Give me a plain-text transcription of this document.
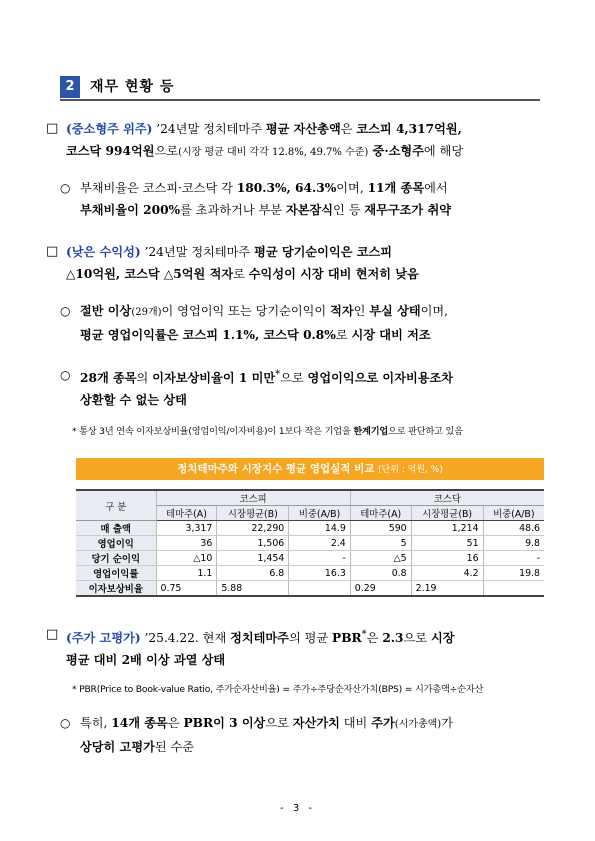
2	재무 현황 등
□ (중소형주 위주) ’24년말 정치테마주 평균 자산총액은 코스피 4,317억원,
코스닥 994억원으로(시장 평균 대비 각각 12.8%, 49.7% 수준) 중·소형주에 해당
○ 부채비율은 코스피·코스닥 각 180.3%, 64.3%이며, 11개 종목에서
부채비율이 200%를 초과하거나 부분 자본잠식인 등 재무구조가 취약
□ (낮은 수익성) ’24년말 정치테마주 평균 당기순이익은 코스피
△10억원, 코스닥 △5억원 적자로 수익성이 시장 대비 현저히 낮음
○ 절반 이상(29개)이 영업이익 또는 당기순이익이 적자인 부실 상태이며,
평균 영업이익률은 코스피 1.1%, 코스닥 0.8%로 시장 대비 저조
○ 28개 종목의 이자보상비율이 1 미만*으로 영업이익으로 이자비용조차
상환할 수 없는 상태
* 통상 3년 연속 이자보상비율(영업이익/이자비용)이 1보다 작은 기업을 한계기업으로 판단하고 있음
정치테마주와 시장지수 평균 영업실적 비교 (단위 : 억원, %)
구 분	코스피			코스닥		
	테마주(A)	시장평균(B)	비중(A/B)	테마주(A)	시장평균(B)	비중(A/B)
매 출액	3,317	22,290	14.9	590	1,214	48.6
영업이익	36	1,506	2.4	5	51	9.8
당기 순이익	△10	1,454	-	△5	16	-
영업이익률	1.1	6.8	16.3	0.8	4.2	19.8
이자보상비율	0.75	5.88		0.29	2.19	
□ (주가 고평가) ’25.4.22. 현재 정치테마주의 평균 PBR*은 2.3으로 시장
평균 대비 2배 이상 과열 상태
* PBR(Price to Book-value Ratio, 주가순자산비율) = 주가÷주당순자산가치(BPS) = 시가총액÷순자산
○ 특히, 14개 종목은 PBR이 3 이상으로 자산가치 대비 주가(시가총액)가
상당히 고평가된 수준
- 3 -
